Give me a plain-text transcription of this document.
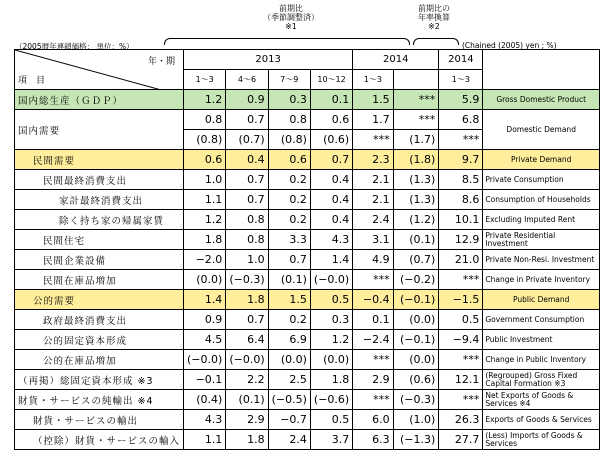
前期比
（季節調整済）
※1
前期比の
年率換算
※2
（2005暦年連鎖価格： 単位：%）	(Chained (2005) yen ; %)
年・期
項　目	2013				2014		2014	
	1〜3	4〜6	7〜9	10〜12	1〜3		1〜3	
国内総生産（ＧＤＰ）	1.2	0.9	0.3	0.1	1.5	***	5.9	Gross Domestic Product
国内需要	0.8	0.7	0.8	0.6	1.7	***	6.8	Domestic Demand
	(0.8)	(0.7)	(0.8)	(0.6)	***	(1.7)	***	
民間需要	0.6	0.4	0.6	0.7	2.3	(1.8)	9.7	Private Demand
民間最終消費支出	1.0	0.7	0.2	0.4	2.1	(1.3)	8.5	Private Consumption
家計最終消費支出	1.1	0.7	0.2	0.4	2.1	(1.3)	8.6	Consumption of Households
除く持ち家の帰属家賃	1.2	0.8	0.2	0.4	2.4	(1.2)	10.1	Excluding Imputed Rent
民間住宅	1.8	0.8	3.3	4.3	3.1	(0.1)	12.9	Private Residential Investment
民間企業設備	−2.0	1.0	0.7	1.4	4.9	(0.7)	21.0	Private Non-Resi. Investment
民間在庫品増加	(0.0)	(−0.3)	(0.1)	(−0.0)	***	(−0.2)	***	Change in Private Inventory
公的需要	1.4	1.8	1.5	0.5	−0.4	(−0.1)	−1.5	Public Demand
政府最終消費支出	0.9	0.7	0.2	0.3	0.1	(0.0)	0.5	Government Consumption
公的固定資本形成	4.5	6.4	6.9	1.2	−2.4	(−0.1)	−9.4	Public Investment
公的在庫品増加	(−0.0)	(−0.0)	(0.0)	(0.0)	***	(0.0)	***	Change in Public Inventory
（再掲）総固定資本形成 ※3	−0.1	2.2	2.5	1.8	2.9	(0.6)	12.1	(Regrouped) Gross Fixed Capital Formation ※3
財貨・サービスの純輸出 ※4	(0.4)	(0.1)	(−0.5)	(−0.6)	***	(−0.3)	***	Net Exports of Goods & Services ※4
財貨・サービスの輸出	4.3	2.9	−0.7	0.5	6.0	(1.0)	26.3	Exports of Goods & Services
（控除）財貨・サービスの輸入	1.1	1.8	2.4	3.7	6.3	(−1.3)	27.7	(Less) Imports of Goods & Services
